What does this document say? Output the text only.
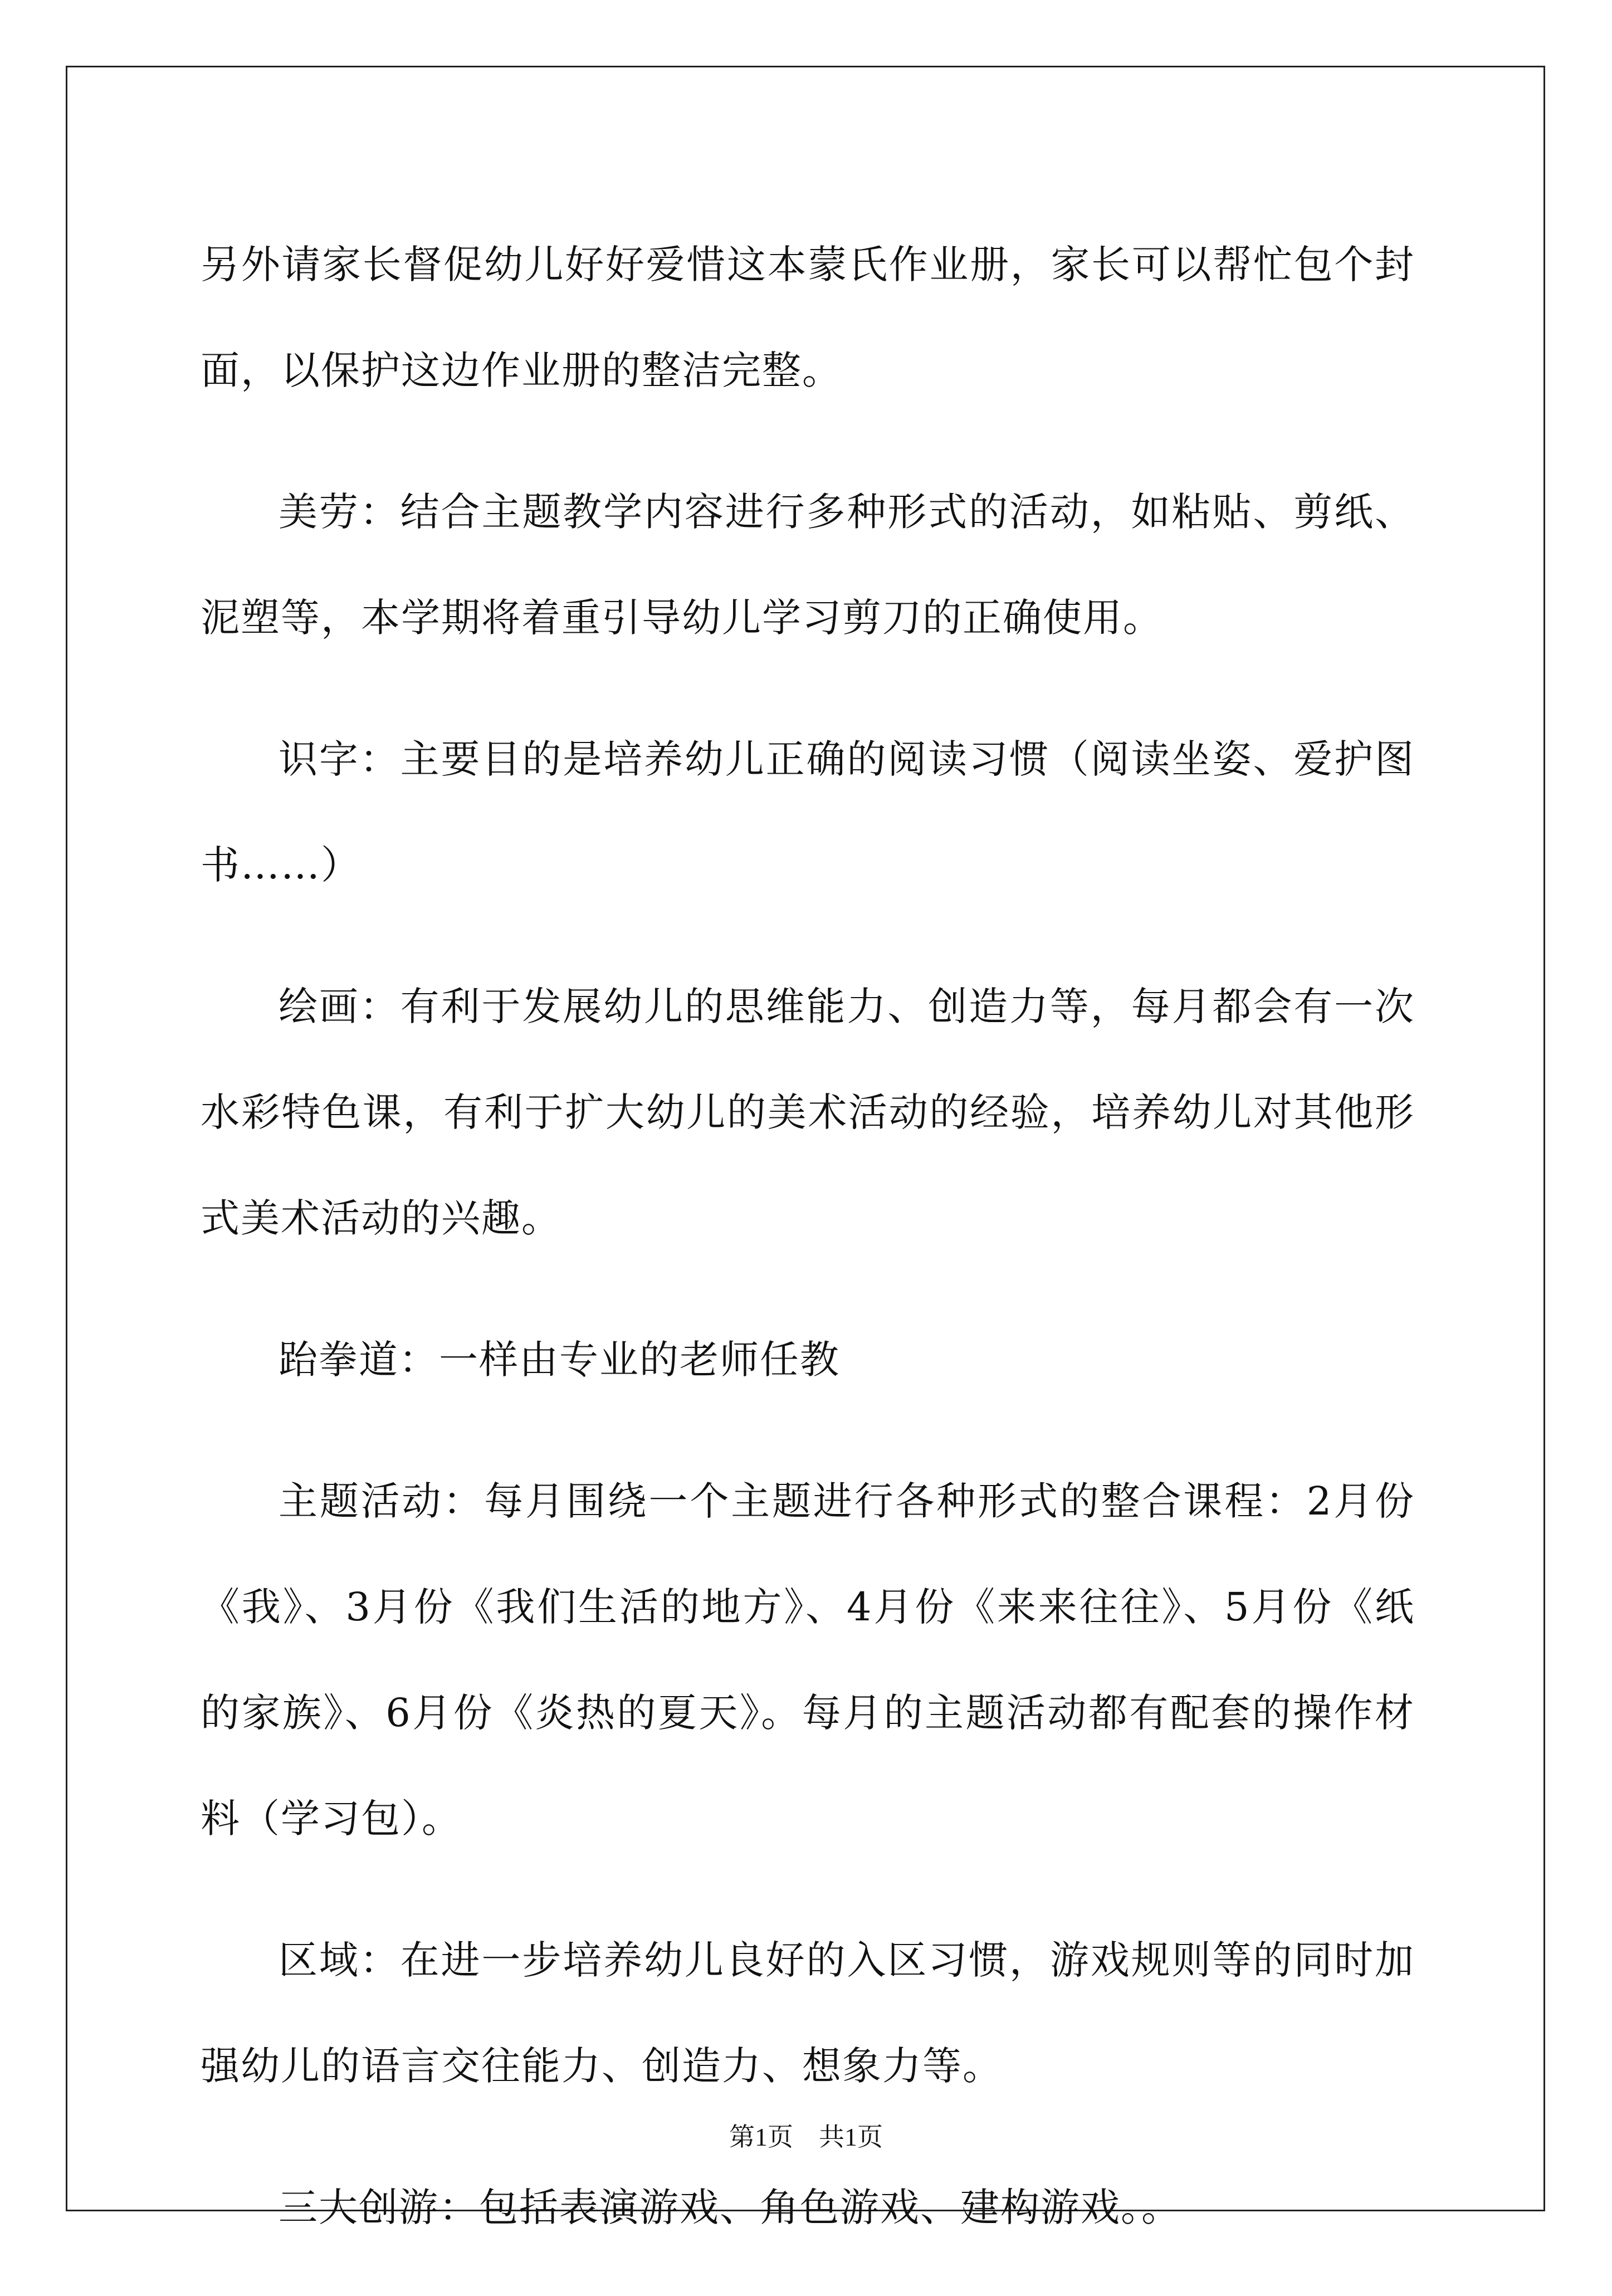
另外请家长督促幼儿好好爱惜这本蒙氏作业册，家长可以帮忙包个封面，以保护这边作业册的整洁完整。

美劳：结合主题教学内容进行多种形式的活动，如粘贴、剪纸、泥塑等，本学期将着重引导幼儿学习剪刀的正确使用。

识字：主要目的是培养幼儿正确的阅读习惯（阅读坐姿、爱护图书……）

绘画：有利于发展幼儿的思维能力、创造力等，每月都会有一次水彩特色课，有利于扩大幼儿的美术活动的经验，培养幼儿对其他形式美术活动的兴趣。

跆拳道：一样由专业的老师任教

主题活动：每月围绕一个主题进行各种形式的整合课程：2月份《我》、3月份《我们生活的地方》、4月份《来来往往》、5月份《纸的家族》、6月份《炎热的夏天》。每月的主题活动都有配套的操作材料（学习包）。

区域：在进一步培养幼儿良好的入区习惯，游戏规则等的同时加强幼儿的语言交往能力、创造力、想象力等。

三大创游：包括表演游戏、角色游戏、建构游戏。。

第1页　共1页
